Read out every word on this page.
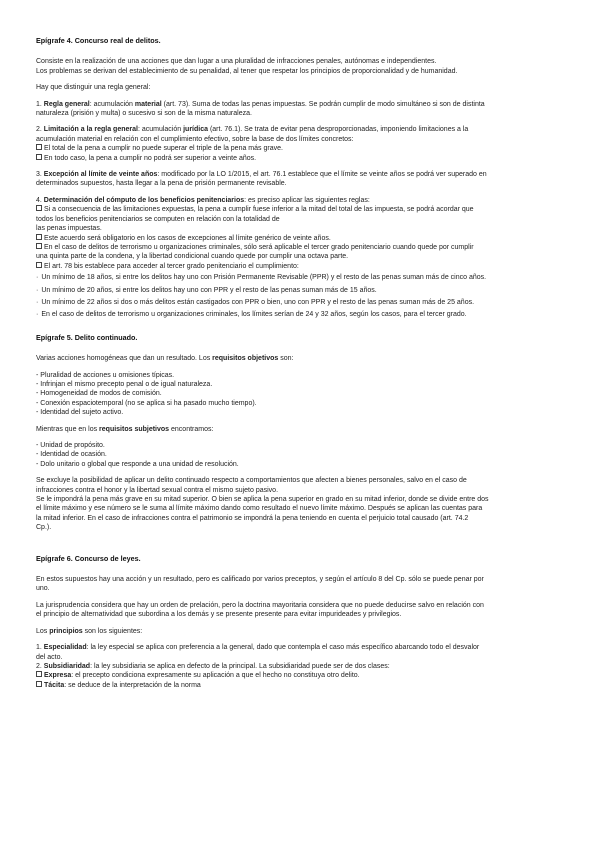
Epígrafe 4. Concurso real de delitos.

Consiste en la realización de una acciones que dan lugar a una pluralidad de infracciones penales, autónomas e independientes.
Los problemas se derivan del establecimiento de su penalidad, al tener que respetar los principios de proporcionalidad y de humanidad.

Hay que distinguir una regla general:

1. Regla general: acumulación material (art. 73). Suma de todas las penas impuestas. Se podrán cumplir de modo simultáneo si son de distinta
naturaleza (prisión y multa) o sucesivo si son de la misma naturaleza.

2. Limitación a la regla general: acumulación jurídica (art. 76.1). Se trata de evitar pena desproporcionadas, imponiendo limitaciones a la
acumulación material en relación con el cumplimiento efectivo, sobre la base de dos límites concretos:
El total de la pena a cumplir no puede superar el triple de la pena más grave.
En todo caso, la pena a cumplir no podrá ser superior a veinte años.

3. Excepción al límite de veinte años: modificado por la LO 1/2015, el art. 76.1 establece que el límite se veinte años se podrá ver superado en
determinados supuestos, hasta llegar a la pena de prisión permanente revisable.

4. Determinación del cómputo de los beneficios penitenciarios: es preciso aplicar las siguientes reglas:
Si a consecuencia de las limitaciones expuestas, la pena a cumplir fuese inferior a la mitad del total de las impuesta, se podrá acordar que
todos los beneficios penitenciarios se computen en relación con la totalidad de
las penas impuestas.
Este acuerdo será obligatorio en los casos de excepciones al límite genérico de veinte años.
En el caso de delitos de terrorismo u organizaciones criminales, sólo será aplicable el tercer grado penitenciario cuando quede por cumplir
una quinta parte de la condena, y la libertad condicional cuando quede por cumplir una octava parte.
El art. 78 bis establece para acceder al tercer grado penitenciario el cumplimiento:
· Un mínimo de 18 años, si entre los delitos hay uno con Prisión Permanente Revisable (PPR) y el resto de las penas suman más de cinco años.
· Un mínimo de 20 años, si entre los delitos hay uno con PPR y el resto de las penas suman más de 15 años.
· Un mínimo de 22 años si dos o más delitos están castigados con PPR o bien, uno con PPR y el resto de las penas suman más de 25 años.
· En el caso de delitos de terrorismo u organizaciones criminales, los límites serían de 24 y 32 años, según los casos, para el tercer grado.

Epígrafe 5. Delito continuado.

Varias acciones homogéneas que dan un resultado. Los requisitos objetivos son:

- Pluralidad de acciones u omisiones típicas.
- Infrinjan el mismo precepto penal o de igual naturaleza.
- Homogeneidad de modos de comisión.
- Conexión espaciotemporal (no se aplica si ha pasado mucho tiempo).
- Identidad del sujeto activo.

Mientras que en los requisitos subjetivos encontramos:

- Unidad de propósito.
- Identidad de ocasión.
- Dolo unitario o global que responde a una unidad de resolución.

Se excluye la posibilidad de aplicar un delito continuado respecto a comportamientos que afecten a bienes personales, salvo en el caso de
infracciones contra el honor y la libertad sexual contra el mismo sujeto pasivo.
Se le impondrá la pena más grave en su mitad superior. O bien se aplica la pena superior en grado en su mitad inferior, donde se divide entre dos
el límite máximo y ese número se le suma al límite máximo dando como resultado el nuevo límite máximo. Después se aplican las cuentas para
la mitad inferior. En el caso de infracciones contra el patrimonio se impondrá la pena teniendo en cuenta el perjuicio total causado (art. 74.2
Cp.).

Epígrafe 6. Concurso de leyes.

En estos supuestos hay una acción y un resultado, pero es calificado por varios preceptos, y según el artículo 8 del Cp. sólo se puede penar por
uno.

La jurisprudencia considera que hay un orden de prelación, pero la doctrina mayoritaria considera que no puede deducirse salvo en relación con
el principio de alternatividad que subordina a los demás y se presente presente para evitar impurideades y privilegios.

Los principios son los siguientes:

1. Especialidad: la ley especial se aplica con preferencia a la general, dado que contempla el caso más específico abarcando todo el desvalor
del acto.
2. Subsidiaridad: la ley subsidiaria se aplica en defecto de la principal. La subsidiaridad puede ser de dos clases:
Expresa: el precepto condiciona expresamente su aplicación a que el hecho no constituya otro delito.
Tácita: se deduce de la interpretación de la norma
